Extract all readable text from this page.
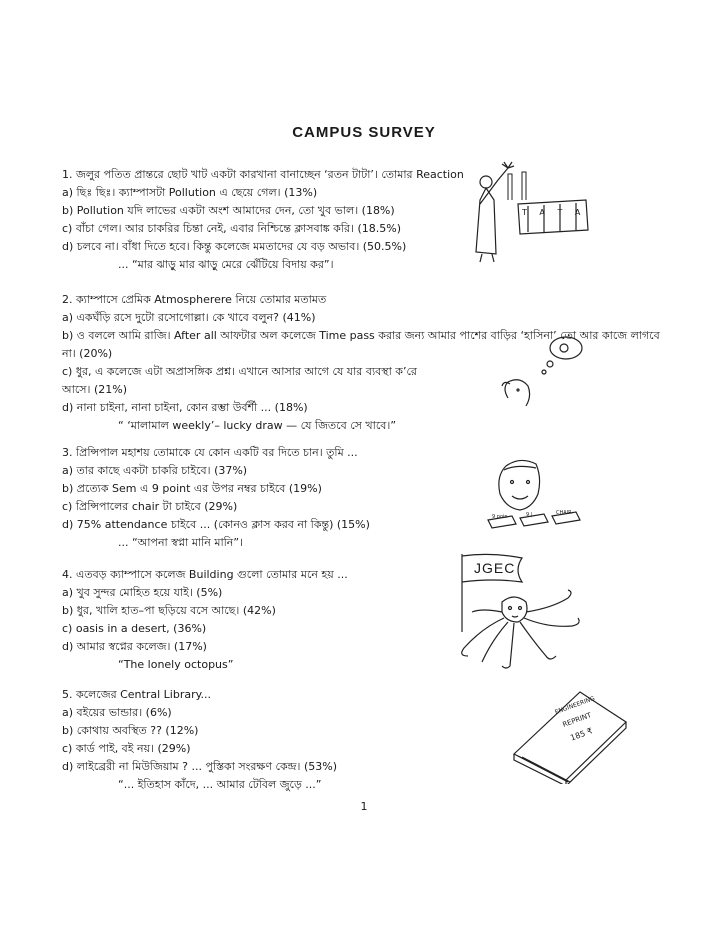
CAMPUS SURVEY
1. জলুর পতিত প্রান্তরে ছোট খাট একটা কারখানা বানাচ্ছেন ‘রতন টাটা’। তোমার Reaction
a) ছিঃ ছিঃ। ক্যাম্পাসটা Pollution এ ছেয়ে গেল। (13%)
b) Pollution যদি লাভের একটা অংশ আমাদের দেন, তো খুব ভাল। (18%)
c) বাঁচা গেল। আর চাকরির চিন্তা নেই, এবার নিশ্চিন্তে ক্লাসবাঙ্ক করি। (18.5%)
d) চলবে না। বাঁধা দিতে হবে। কিন্তু কলেজে মমতাদের যে বড় অভাব। (50.5%)
... “মার ঝাড়ু মার ঝাড়ু মেরে ঝেঁটিয়ে বিদায় কর”।
2. ক্যাম্পাসে প্রেমিক Atmospherere নিয়ে তোমার মতামত
a) একঘঁড়ি রসে দুটো রসোগোল্লা। কে খাবে বলুন? (41%)
b) ও বললে আমি রাজি। After all আফটার অল কলেজে Time pass করার জন্য আমার পাশের বাড়ির ‘হাসিনা’ তো আর কাজে লাগবে না। (20%)
c) ধুর, এ কলেজে এটা অপ্রাসঙ্গিক প্রশ্ন। এখানে আসার আগে যে যার ব্যবস্থা ক’রে আসে। (21%)
d) নানা চাইনা, নানা চাইনা, কোন রম্ভা উর্বর্শী ... (18%)
“ ‘মালামাল weekly’– lucky draw — যে জিতবে সে খাবে।”
3. প্রিন্সিপাল মহাশয় তোমাকে যে কোন একটি বর দিতে চান। তুমি ...
a) তার কাছে একটা চাকরি চাইবে। (37%)
b) প্রত্যেক Sem এ 9 point এর উপর নম্বর চাইবে (19%)
c) প্রিন্সিপালের chair টা চাইবে (29%)
d) 75% attendance চাইবে ... (কোনও ক্লাস করব না কিন্তু) (15%)
... “আপনা স্বপ্না মানি মানি”।
4. এতবড় ক্যাম্পাসে কলেজ Building গুলো তোমার মনে হয় ...
a) খুব সুন্দর মোহিত হয়ে যাই। (5%)
b) ধুর, খালি হাত–পা ছড়িয়ে বসে আছে। (42%)
c) oasis in a desert, (36%)
d) আমার স্বপ্নের কলেজ। (17%)
“The lonely octopus”
5. কলেজের Central Library...
a) বইয়ের ভান্ডার। (6%)
b) কোথায় অবস্থিত ?? (12%)
c) কার্ড পাই, বই নয়। (29%)
d) লাইব্রেরী না মিউজিয়াম ? ... পুস্তিকা সংরক্ষণ কেন্দ্র। (53%)
“... ইতিহাস কাঁদে, ... আমার টেবিল জুড়ে ...”
1
T A T A
9 poin	9 |	CHAIR
JGEC
ENGINEERING
REPRINT
185 ₹
